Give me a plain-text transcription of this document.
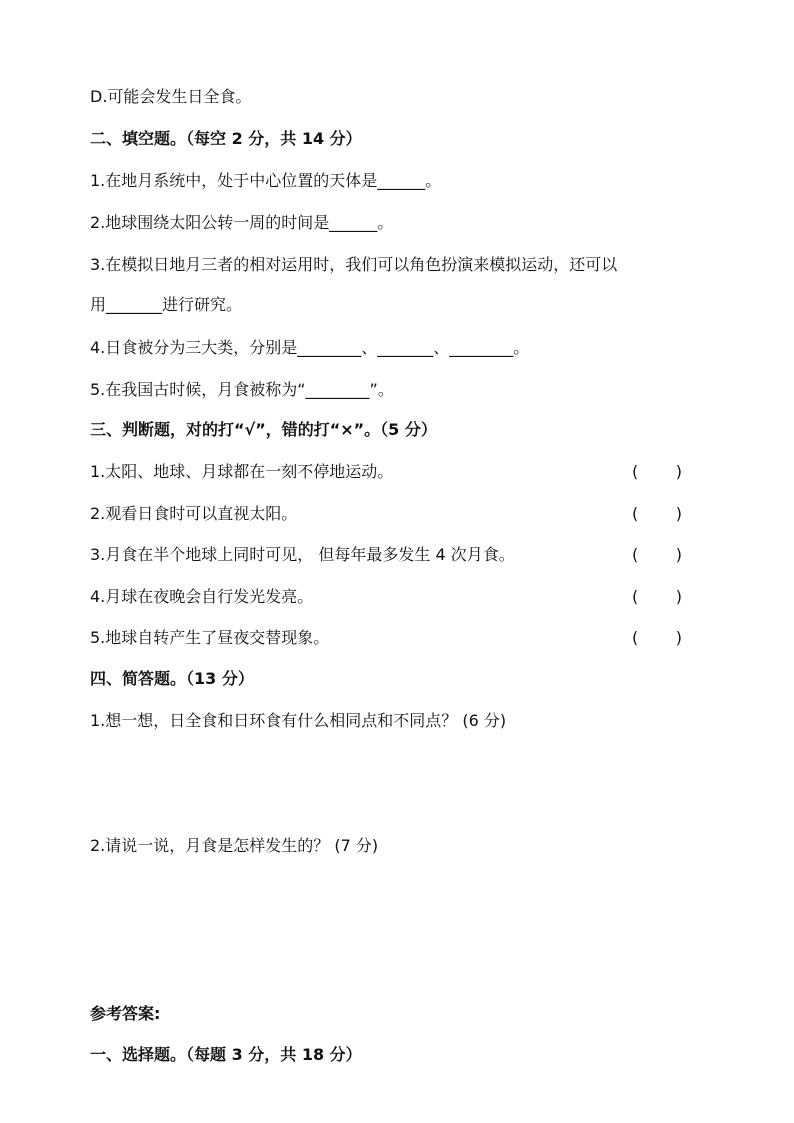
D.可能会发生日全食。
二、填空题。（每空 2 分，共 14 分）
1.在地月系统中，处于中心位置的天体是______。
2.地球围绕太阳公转一周的时间是______。
3.在模拟日地月三者的相对运用时，我们可以角色扮演来模拟运动，还可以
用_______进行研究。
4.日食被分为三大类，分别是________、_______、________。
5.在我国古时候，月食被称为“________”。
三、判断题，对的打“√”，错的打“×”。（5 分）
1.太阳、地球、月球都在一刻不停地运动。	( )
2.观看日食时可以直视太阳。	( )
3.月食在半个地球上同时可见， 但每年最多发生 4 次月食。	( )
4.月球在夜晚会自行发光发亮。	( )
5.地球自转产生了昼夜交替现象。	( )
四、简答题。（13 分）
1.想一想，日全食和日环食有什么相同点和不同点？ (6 分)
2.请说一说，月食是怎样发生的？ (7 分)
参考答案:
一、选择题。（每题 3 分，共 18 分）
